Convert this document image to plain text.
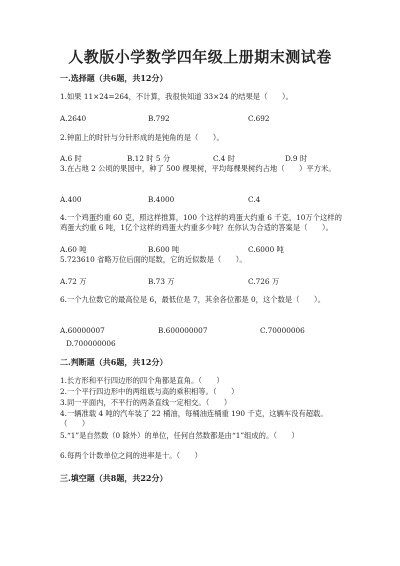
人教版小学数学四年级上册期末测试卷
一.选择题（共6题，共12分）
1.如果 11×24=264，不计算，我很快知道 33×24 的结果是（　　）。
A.2640	B.792	C.692
2.钟面上的时针与分针形成的是钝角的是（　　）。
A.6 时	B.12 时 5 分	C.4 时	D.9 时
3.在占地 2 公顷的果园中，种了 500 棵果树，平均每棵果树约占地（　　）平方米。
A.400	B.4000	C.4
4.一个鸡蛋约重 60 克，照这样推算，100 个这样的鸡蛋大约重 6 千克，10万个这样的鸡蛋大约重 6 吨，1亿个这样的鸡蛋大约重多少吨？在你认为合适的答案是（　　）。
A.60 吨	B.600 吨	C.6000 吨
5.723610 省略万位后面的尾数，它的近似数是（　　）。
A.72 万	B.73 万	C.726 万
6.一个九位数它的最高位是 6，最低位是 7，其余各位都是 0，这个数是（　　）。
A.60000007	B.600000007	C.70000006
D.700000006
二.判断题（共6题，共12分）
1.长方形和平行四边形的四个角都是直角。（　　）
2.一个平行四边形中的两组底与高的乘积相等。（　　）
3.同一平面内，不平行的两条直线一定相交。（　　）
4.一辆准载 4 吨的汽车装了 22 桶油，每桶油连桶重 190 千克，这辆车没有超载。（　　）
5.“1”是自然数（0 除外）的单位，任何自然数都是由“1”组成的。（　　）
6.每两个计数单位之间的进率是十。（　　）
三.填空题（共8题，共22分）
